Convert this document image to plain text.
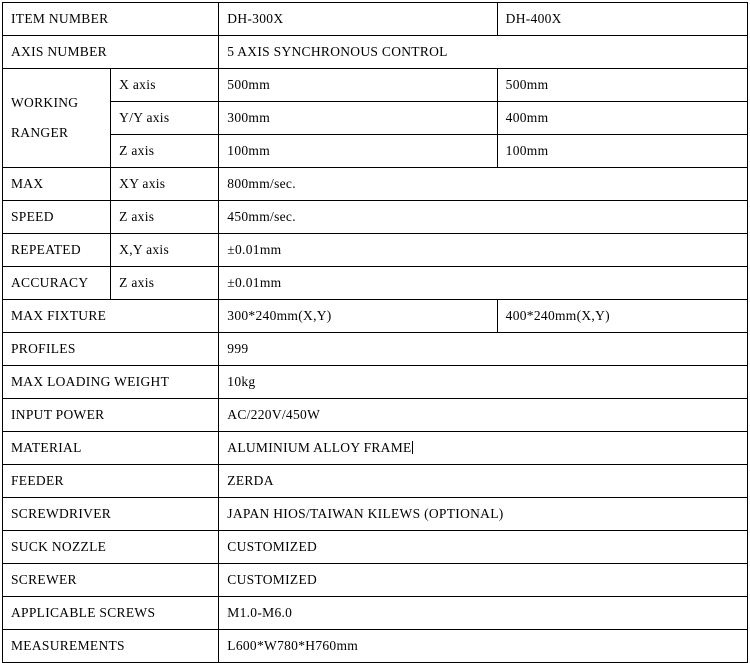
ITEM NUMBER		DH-300X	DH-400X
AXIS NUMBER		5 AXIS SYNCHRONOUS CONTROL	

WORKING
RANGER	X axis	500mm	500mm
	Y/Y axis	300mm	400mm
	Z axis	100mm	100mm
MAX	XY axis	800mm/sec.	
SPEED	Z axis	450mm/sec.	
REPEATED	X,Y axis	±0.01mm	
ACCURACY	Z axis	±0.01mm	
MAX FIXTURE		300*240mm(X,Y)	400*240mm(X,Y)
PROFILES		999	
MAX LOADING WEIGHT		10kg	
INPUT POWER		AC/220V/450W	
MATERIAL		ALUMINIUM ALLOY FRAME	
FEEDER		ZERDA	
SCREWDRIVER		JAPAN HIOS/TAIWAN KILEWS (OPTIONAL)	
SUCK NOZZLE		CUSTOMIZED	
SCREWER		CUSTOMIZED	
APPLICABLE SCREWS		M1.0-M6.0	
MEASUREMENTS		L600*W780*H760mm	
